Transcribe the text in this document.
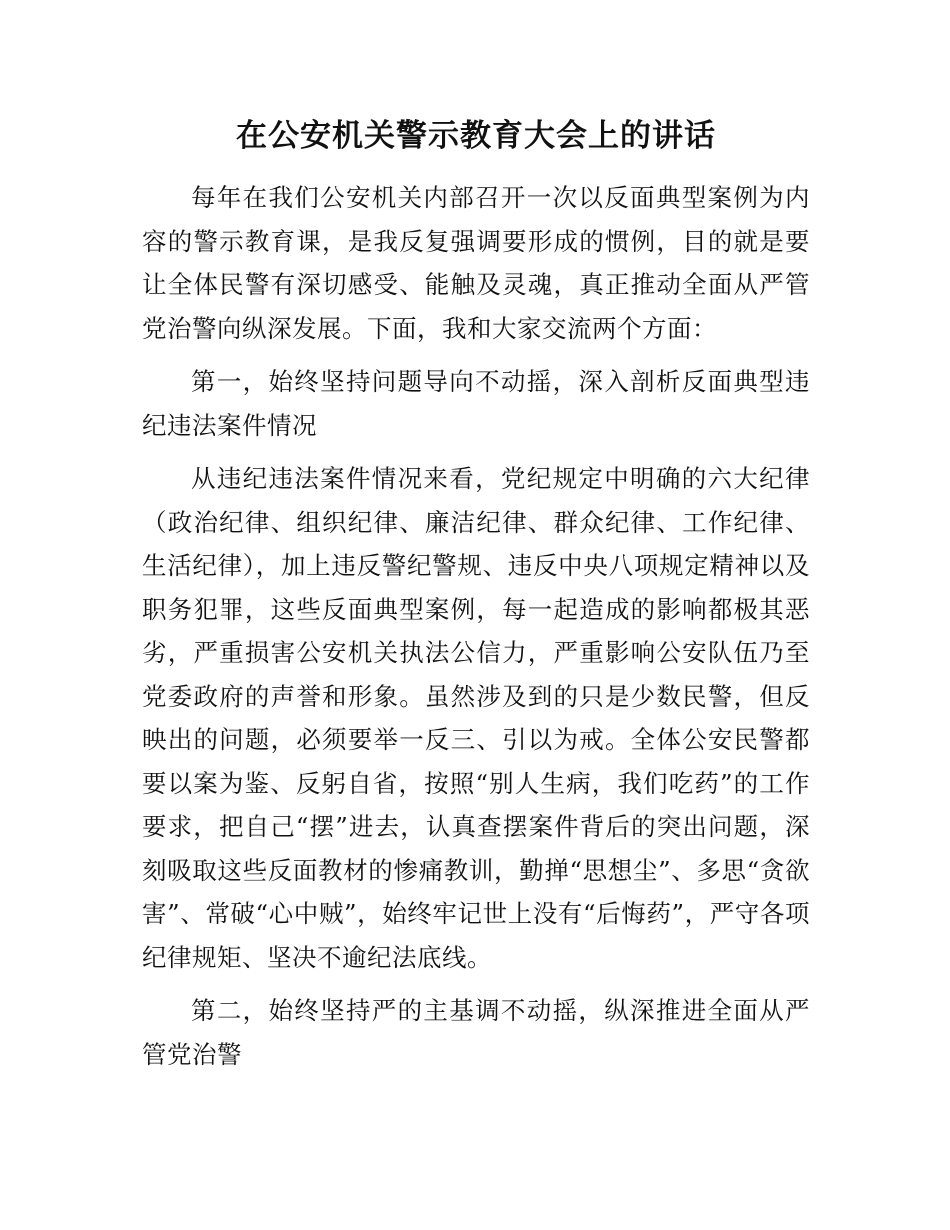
在公安机关警示教育大会上的讲话

每年在我们公安机关内部召开一次以反面典型案例为内容的警示教育课，是我反复强调要形成的惯例，目的就是要让全体民警有深切感受、能触及灵魂，真正推动全面从严管党治警向纵深发展。下面，我和大家交流两个方面：

第一，始终坚持问题导向不动摇，深入剖析反面典型违纪违法案件情况

从违纪违法案件情况来看，党纪规定中明确的六大纪律（政治纪律、组织纪律、廉洁纪律、群众纪律、工作纪律、生活纪律），加上违反警纪警规、违反中央八项规定精神以及职务犯罪，这些反面典型案例，每一起造成的影响都极其恶劣，严重损害公安机关执法公信力，严重影响公安队伍乃至党委政府的声誉和形象。虽然涉及到的只是少数民警，但反映出的问题，必须要举一反三、引以为戒。全体公安民警都要以案为鉴、反躬自省，按照“别人生病，我们吃药”的工作要求，把自己“摆”进去，认真查摆案件背后的突出问题，深刻吸取这些反面教材的惨痛教训，勤掸“思想尘”、多思“贪欲害”、常破“心中贼”，始终牢记世上没有“后悔药”，严守各项纪律规矩、坚决不逾纪法底线。

第二，始终坚持严的主基调不动摇，纵深推进全面从严管党治警
